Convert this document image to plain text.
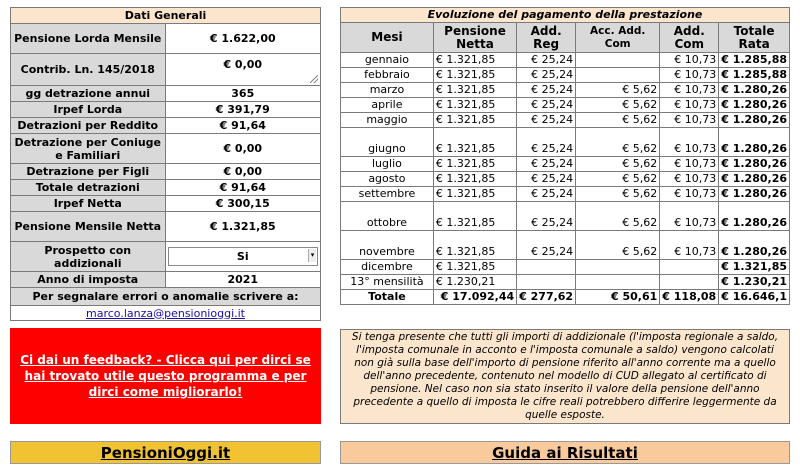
Dati Generali	
Pensione Lorda Mensile	€ 1.622,00
Contrib. Ln. 145/2018	€ 0,00

gg detrazione annui	365
Irpef Lorda	€ 391,79
Detrazioni per Reddito	€ 91,64
Detrazione per Coniuge e Familiari	€ 0,00
Detrazione per Figli	€ 0,00
Totale detrazioni	€ 91,64
Irpef Netta	€ 300,15
Pensione Mensile Netta	€ 1.321,85
Prospetto con addizionali	Si ▾

Anno di imposta	2021
Per segnalare errori o anomalie scrivere a:	
marco.lanza@pensionioggi.it	
Ci dai un feedback? - Clicca qui per dirci se hai trovato utile questo programma e per dirci come migliorarlo!
Evoluzione del pagamento della prestazione					
Mesi	Pensione Netta	Add. Reg	Acc. Add. Com	Add. Com	Totale Rata
gennaio	€ 1.321,85	€ 25,24		€ 10,73	€ 1.285,88
febbraio	€ 1.321,85	€ 25,24		€ 10,73	€ 1.285,88
marzo	€ 1.321,85	€ 25,24	€ 5,62	€ 10,73	€ 1.280,26
aprile	€ 1.321,85	€ 25,24	€ 5,62	€ 10,73	€ 1.280,26
maggio	€ 1.321,85	€ 25,24	€ 5,62	€ 10,73	€ 1.280,26
giugno	€ 1.321,85	€ 25,24	€ 5,62	€ 10,73	€ 1.280,26
luglio	€ 1.321,85	€ 25,24	€ 5,62	€ 10,73	€ 1.280,26
agosto	€ 1.321,85	€ 25,24	€ 5,62	€ 10,73	€ 1.280,26
settembre	€ 1.321,85	€ 25,24	€ 5,62	€ 10,73	€ 1.280,26
ottobre	€ 1.321,85	€ 25,24	€ 5,62	€ 10,73	€ 1.280,26
novembre	€ 1.321,85	€ 25,24	€ 5,62	€ 10,73	€ 1.280,26
dicembre	€ 1.321,85				€ 1.321,85
13° mensilità	€ 1.230,21				€ 1.230,21
Totale	€ 17.092,44	€ 277,62	€ 50,61	€ 118,08	€ 16.646,1
Si tenga presente che tutti gli importi di addizionale (l'imposta regionale a saldo, l'imposta comunale in acconto e l'imposta comunale a saldo) vengono calcolati non già sulla base dell'importo di pensione riferito all'anno corrente ma a quello dell'anno precedente, contenuto nel modello di CUD allegato al certificato di pensione. Nel caso non sia stato inserito il valore della pensione dell'anno precedente a quello di imposta le cifre reali potrebbero differire leggermente da quelle esposte.
PensioniOggi.it	Guida ai Risultati
